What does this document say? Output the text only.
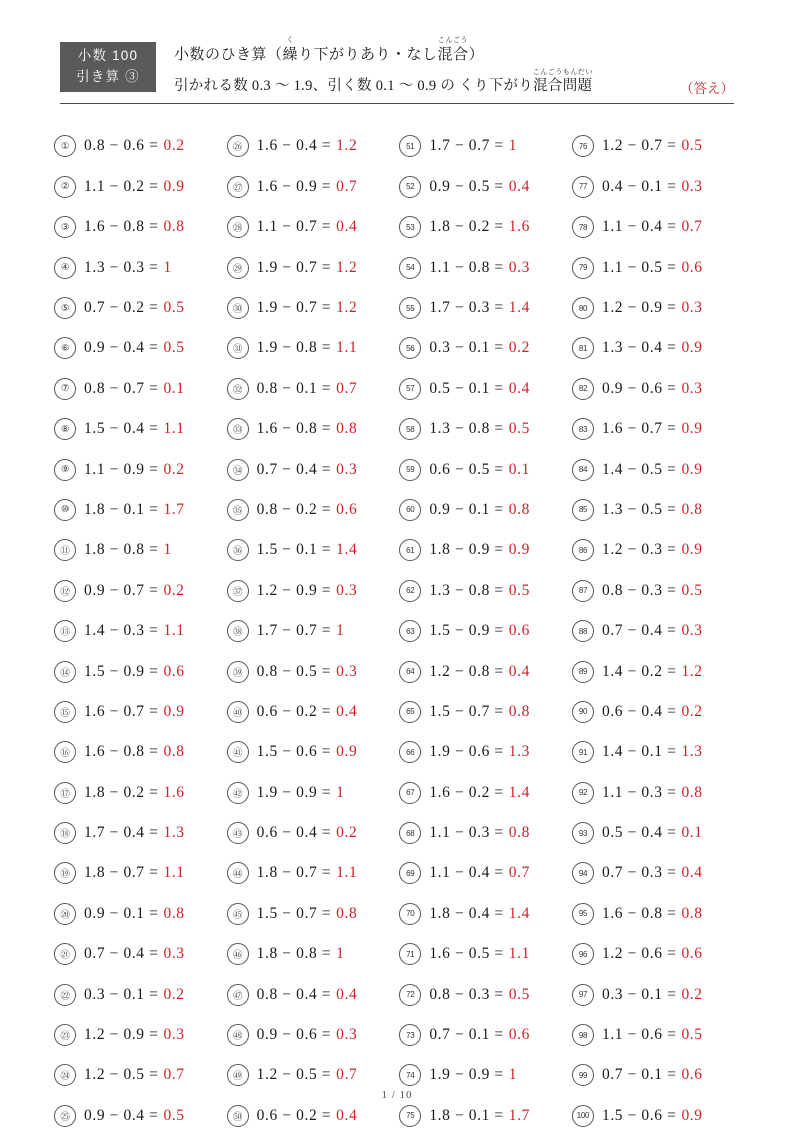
小数 100
引き算 ③
小数のひき算（
く
繰り下がりあり・なし
こんごう
混合）
引かれる数 0.3 〜 1.9、引く数 0.1 〜 0.9 の くり下がり
こんごうもんだい
混合問題	（答え）
① 0.8 − 0.6 = 0.2
② 1.1 − 0.2 = 0.9
③ 1.6 − 0.8 = 0.8
④ 1.3 − 0.3 = 1
⑤ 0.7 − 0.2 = 0.5
⑥ 0.9 − 0.4 = 0.5
⑦ 0.8 − 0.7 = 0.1
⑧ 1.5 − 0.4 = 1.1
⑨ 1.1 − 0.9 = 0.2
⑩ 1.8 − 0.1 = 1.7
⑪ 1.8 − 0.8 = 1
⑫ 0.9 − 0.7 = 0.2
⑬ 1.4 − 0.3 = 1.1
⑭ 1.5 − 0.9 = 0.6
⑮ 1.6 − 0.7 = 0.9
⑯ 1.6 − 0.8 = 0.8
⑰ 1.8 − 0.2 = 1.6
⑱ 1.7 − 0.4 = 1.3
⑲ 1.8 − 0.7 = 1.1
⑳ 0.9 − 0.1 = 0.8
㉑ 0.7 − 0.4 = 0.3
㉒ 0.3 − 0.1 = 0.2
㉓ 1.2 − 0.9 = 0.3
㉔ 1.2 − 0.5 = 0.7
㉕ 0.9 − 0.4 = 0.5
㉖ 1.6 − 0.4 = 1.2
㉗ 1.6 − 0.9 = 0.7
㉘ 1.1 − 0.7 = 0.4
㉙ 1.9 − 0.7 = 1.2
㉚ 1.9 − 0.7 = 1.2
㉛ 1.9 − 0.8 = 1.1
㉜ 0.8 − 0.1 = 0.7
㉝ 1.6 − 0.8 = 0.8
㉞ 0.7 − 0.4 = 0.3
㉟ 0.8 − 0.2 = 0.6
㊱ 1.5 − 0.1 = 1.4
㊲ 1.2 − 0.9 = 0.3
㊳ 1.7 − 0.7 = 1
㊴ 0.8 − 0.5 = 0.3
㊵ 0.6 − 0.2 = 0.4
㊶ 1.5 − 0.6 = 0.9
㊷ 1.9 − 0.9 = 1
㊸ 0.6 − 0.4 = 0.2
㊹ 1.8 − 0.7 = 1.1
㊺ 1.5 − 0.7 = 0.8
㊻ 1.8 − 0.8 = 1
㊼ 0.8 − 0.4 = 0.4
㊽ 0.9 − 0.6 = 0.3
㊾ 1.2 − 0.5 = 0.7
㊿ 0.6 − 0.2 = 0.4
51 1.7 − 0.7 = 1
52 0.9 − 0.5 = 0.4
53 1.8 − 0.2 = 1.6
54 1.1 − 0.8 = 0.3
55 1.7 − 0.3 = 1.4
56 0.3 − 0.1 = 0.2
57 0.5 − 0.1 = 0.4
58 1.3 − 0.8 = 0.5
59 0.6 − 0.5 = 0.1
60 0.9 − 0.1 = 0.8
61 1.8 − 0.9 = 0.9
62 1.3 − 0.8 = 0.5
63 1.5 − 0.9 = 0.6
64 1.2 − 0.8 = 0.4
65 1.5 − 0.7 = 0.8
66 1.9 − 0.6 = 1.3
67 1.6 − 0.2 = 1.4
68 1.1 − 0.3 = 0.8
69 1.1 − 0.4 = 0.7
70 1.8 − 0.4 = 1.4
71 1.6 − 0.5 = 1.1
72 0.8 − 0.3 = 0.5
73 0.7 − 0.1 = 0.6
74 1.9 − 0.9 = 1
75 1.8 − 0.1 = 1.7
76 1.2 − 0.7 = 0.5
77 0.4 − 0.1 = 0.3
78 1.1 − 0.4 = 0.7
79 1.1 − 0.5 = 0.6
80 1.2 − 0.9 = 0.3
81 1.3 − 0.4 = 0.9
82 0.9 − 0.6 = 0.3
83 1.6 − 0.7 = 0.9
84 1.4 − 0.5 = 0.9
85 1.3 − 0.5 = 0.8
86 1.2 − 0.3 = 0.9
87 0.8 − 0.3 = 0.5
88 0.7 − 0.4 = 0.3
89 1.4 − 0.2 = 1.2
90 0.6 − 0.4 = 0.2
91 1.4 − 0.1 = 1.3
92 1.1 − 0.3 = 0.8
93 0.5 − 0.4 = 0.1
94 0.7 − 0.3 = 0.4
95 1.6 − 0.8 = 0.8
96 1.2 − 0.6 = 0.6
97 0.3 − 0.1 = 0.2
98 1.1 − 0.6 = 0.5
99 0.7 − 0.1 = 0.6
100 1.5 − 0.6 = 0.9
1 / 10
